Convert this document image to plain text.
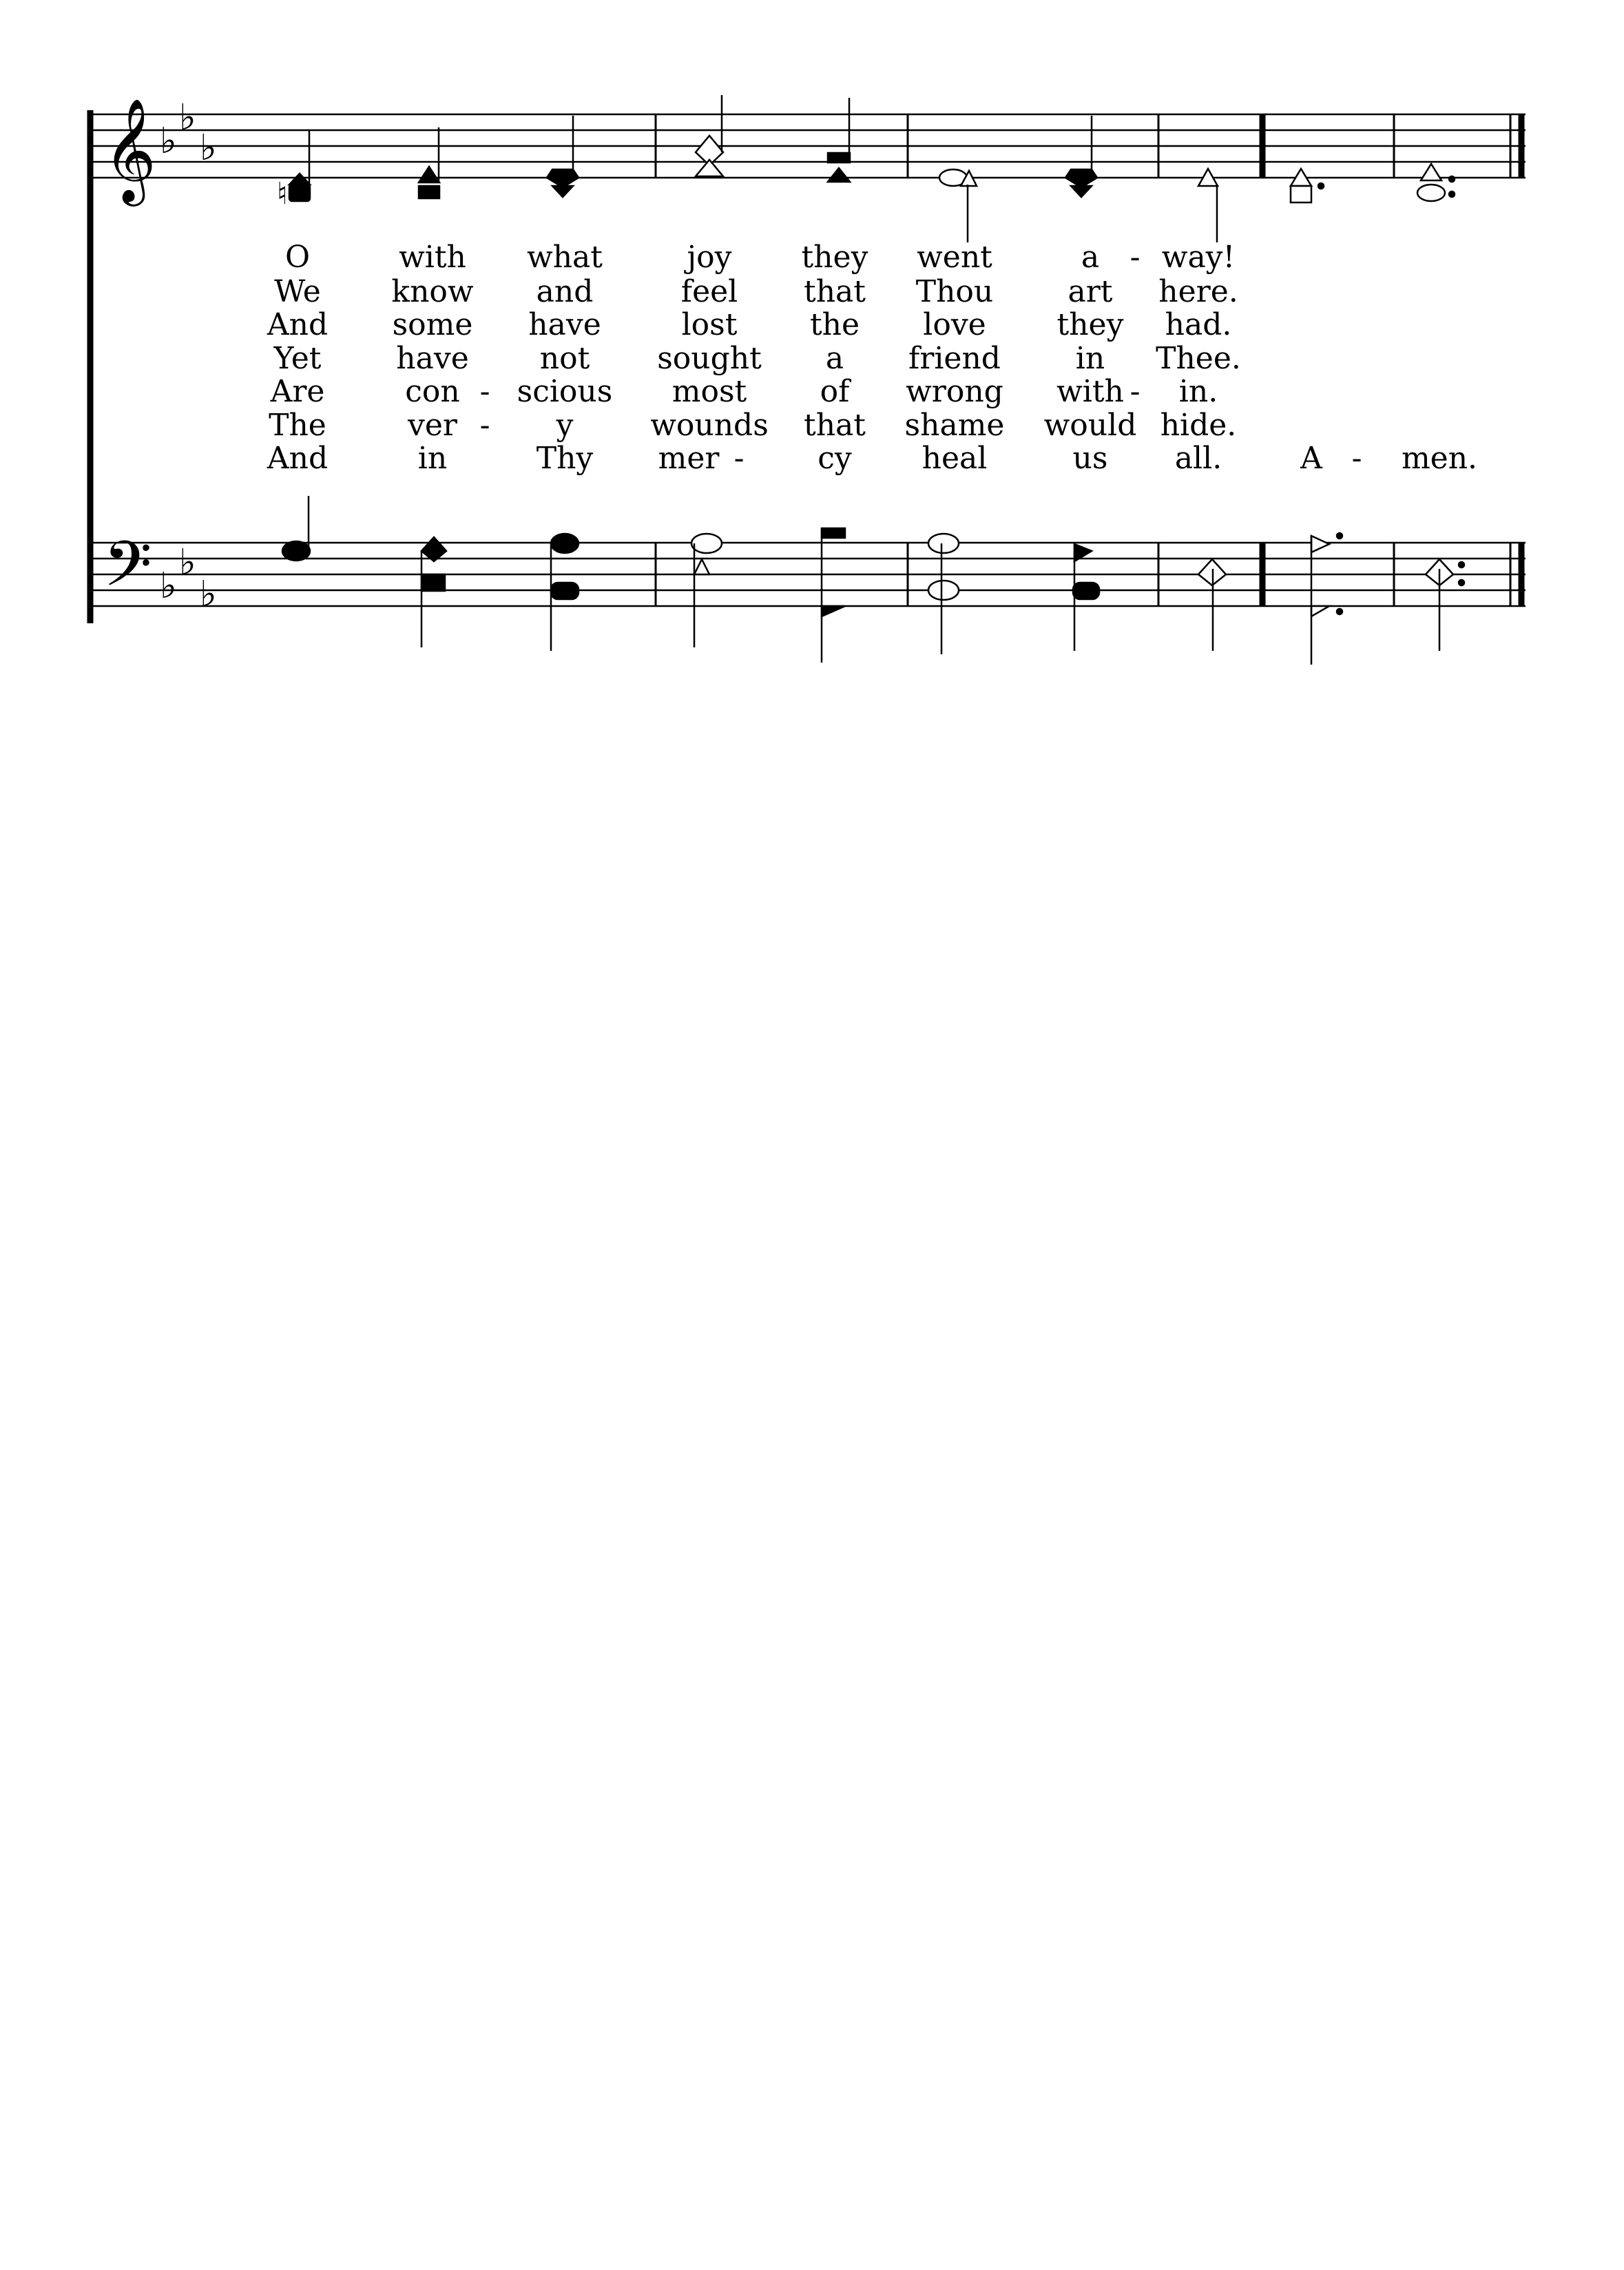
𝄞
𝄢
♭
♭
♭
♭
♭
♭
♮
O	with what	joy they went	a - way!
We know and	feel that Thou art here.
And some have	lost the love they had.
Yet have not sought a friend in Thee.
Are	con - scious most of wrong with - in.
The	ver - y	wounds that shame would hide.
And	in	Thy mer - cy heal	us all.	A - men.
